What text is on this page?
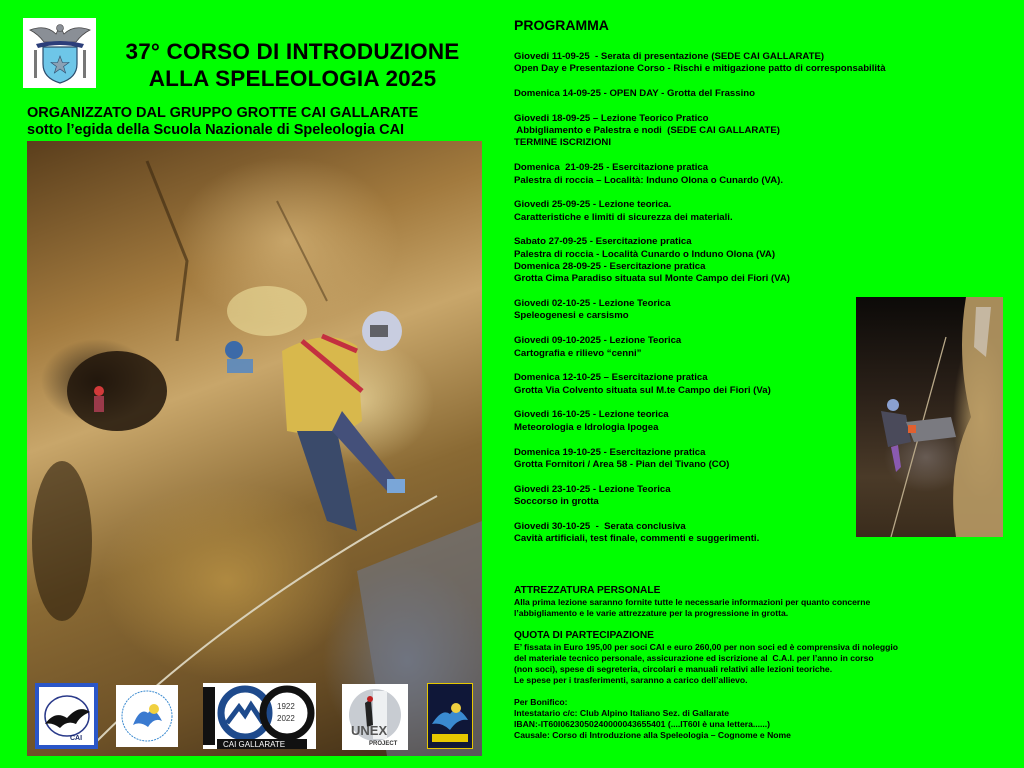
37° CORSO DI INTRODUZIONE
ALLA SPELEOLOGIA 2025
ORGANIZZATO DAL GRUPPO GROTTE CAI GALLARATE
sotto l’egida della Scuola Nazionale di Speleologia CAI
CAI
1922
2022
CAI GALLARATE
UNEX
PROJECT
PROGRAMMA
Giovedi 11-09-25  - Serata di presentazione (SEDE CAI GALLARATE)
Open Day e Presentazione Corso - Rischi e mitigazione patto di corresponsabilità
Domenica 14-09-25 - OPEN DAY - Grotta del Frassino
Giovedi 18-09-25 – Lezione Teorico Pratico
Abbigliamento e Palestra e nodi  (SEDE CAI GALLARATE)
TERMINE ISCRIZIONI
Domenica  21-09-25 - Esercitazione pratica
Palestra di roccia – Località: Induno Olona o Cunardo (VA).
Giovedi 25-09-25 - Lezione teorica.
Caratteristiche e limiti di sicurezza dei materiali.
Sabato 27-09-25 - Esercitazione pratica
Palestra di roccia - Località Cunardo o Induno Olona (VA)
Domenica 28-09-25 - Esercitazione pratica
Grotta Cima Paradiso situata sul Monte Campo dei Fiori (VA)
Giovedi 02-10-25 - Lezione Teorica
Speleogenesi e carsismo
Giovedi 09-10-2025 - Lezione Teorica
Cartografia e rilievo “cenni”
Domenica 12-10-25 – Esercitazione pratica
Grotta Via Colvento situata sul M.te Campo dei Fiori (Va)
Giovedi 16-10-25 - Lezione teorica
Meteorologia e Idrologia Ipogea
Domenica 19-10-25 - Esercitazione pratica
Grotta Fornitori / Area 58 - Pian del Tivano (CO)
Giovedi 23-10-25 - Lezione Teorica
Soccorso in grotta
Giovedi 30-10-25  -  Serata conclusiva
Cavità artificiali, test finale, commenti e suggerimenti.
ATTREZZATURA PERSONALE
Alla prima lezione saranno fornite tutte le necessarie informazioni per quanto concerne
l’abbigliamento e le varie attrezzature per la progressione in grotta.
QUOTA DI PARTECIPAZIONE
E’ fissata in Euro 195,00 per soci CAI e euro 260,00 per non soci ed è comprensiva di noleggio
del materiale tecnico personale, assicurazione ed iscrizione al  C.A.I. per l’anno in corso
(non soci), spese di segreteria, circolari e manuali relativi alle lezioni teoriche.
Le spese per i trasferimenti, saranno a carico dell’allievo.
Per Bonifico:
Intestatario c/c: Club Alpino Italiano Sez. di Gallarate
IBAN:-IT60I0623050240000043655401 (....IT60I è una lettera......)
Causale: Corso di Introduzione alla Speleologia – Cognome e Nome
